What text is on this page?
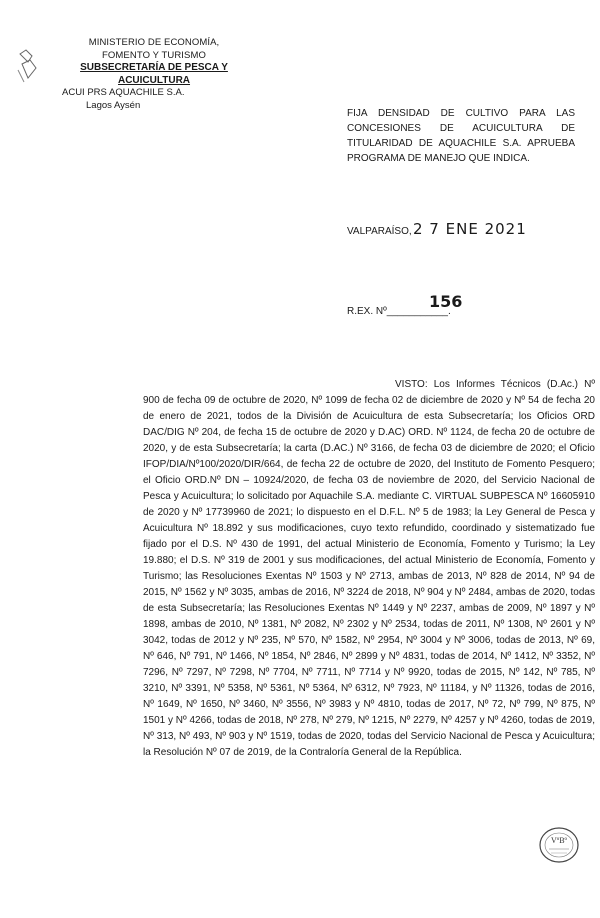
MINISTERIO DE ECONOMÍA,
FOMENTO Y TURISMO
SUBSECRETARÍA DE PESCA Y ACUICULTURA
ACUI PRS AQUACHILE S.A.
Lagos Aysén
FIJA DENSIDAD DE CULTIVO PARA LAS CONCESIONES DE ACUICULTURA DE TITULARIDAD DE AQUACHILE S.A. APRUEBA PROGRAMA DE MANEJO QUE INDICA.
VALPARAÍSO, 2 7 ENE 2021
R.EX. Nº___________.
156
VISTO: Los Informes Técnicos (D.Ac.) Nº 900 de fecha 09 de octubre de 2020, Nº 1099 de fecha 02 de diciembre de 2020 y Nº 54 de fecha 20 de enero de 2021, todos de la División de Acuicultura de esta Subsecretaría; los Oficios ORD DAC/DIG Nº 204, de fecha 15 de octubre de 2020 y D.AC) ORD. Nº 1124, de fecha 20 de octubre de 2020, y de esta Subsecretaría; la carta (D.AC.) Nº 3166, de fecha 03 de diciembre de 2020; el Oficio IFOP/DIA/Nº100/2020/DIR/664, de fecha 22 de octubre de 2020, del Instituto de Fomento Pesquero; el Oficio ORD.Nº DN – 10924/2020, de fecha 03 de noviembre de 2020, del Servicio Nacional de Pesca y Acuicultura; lo solicitado por Aquachile S.A. mediante C. VIRTUAL SUBPESCA Nº 16605910 de 2020 y Nº 17739960 de 2021; lo dispuesto en el D.F.L. Nº 5 de 1983; la Ley General de Pesca y Acuicultura Nº 18.892 y sus modificaciones, cuyo texto refundido, coordinado y sistematizado fue fijado por el D.S. Nº 430 de 1991, del actual Ministerio de Economía, Fomento y Turismo; la Ley 19.880; el D.S. Nº 319 de 2001 y sus modificaciones, del actual Ministerio de Economía, Fomento y Turismo; las Resoluciones Exentas Nº 1503 y Nº 2713, ambas de 2013, Nº 828 de 2014, Nº 94 de 2015, Nº 1562 y Nº 3035, ambas de 2016, Nº 3224 de 2018, Nº 904 y Nº 2484, ambas de 2020, todas de esta Subsecretaría; las Resoluciones Exentas Nº 1449 y Nº 2237, ambas de 2009, Nº 1897 y Nº 1898, ambas de 2010, Nº 1381, Nº 2082, Nº 2302 y Nº 2534, todas de 2011, Nº 1308, Nº 2601 y Nº 3042, todas de 2012 y Nº 235, Nº 570, Nº 1582, Nº 2954, Nº 3004 y Nº 3006, todas de 2013, Nº 69, Nº 646, Nº 791, Nº 1466, Nº 1854, Nº 2846, Nº 2899 y Nº 4831, todas de 2014, Nº 1412, Nº 3352, Nº 7296, Nº 7297, Nº 7298, Nº 7704, Nº 7711, Nº 7714 y Nº 9920, todas de 2015, Nº 142, Nº 785, Nº 3210, Nº 3391, Nº 5358, Nº 5361, Nº 5364, Nº 6312, Nº 7923, Nº 11184, y Nº 11326, todas de 2016, Nº 1649, Nº 1650, Nº 3460, Nº 3556, Nº 3983 y Nº 4810, todas de 2017, Nº 72, Nº 799, Nº 875, Nº 1501 y Nº 4266, todas de 2018, Nº 278, Nº 279, Nº 1215, Nº 2279, Nº 4257 y Nº 4260, todas de 2019, Nº 313, Nº 493, Nº 903 y Nº 1519, todas de 2020, todas del Servicio Nacional de Pesca y Acuicultura; la Resolución Nº 07 de 2019, de la Contraloría General de la República.
VºBº
